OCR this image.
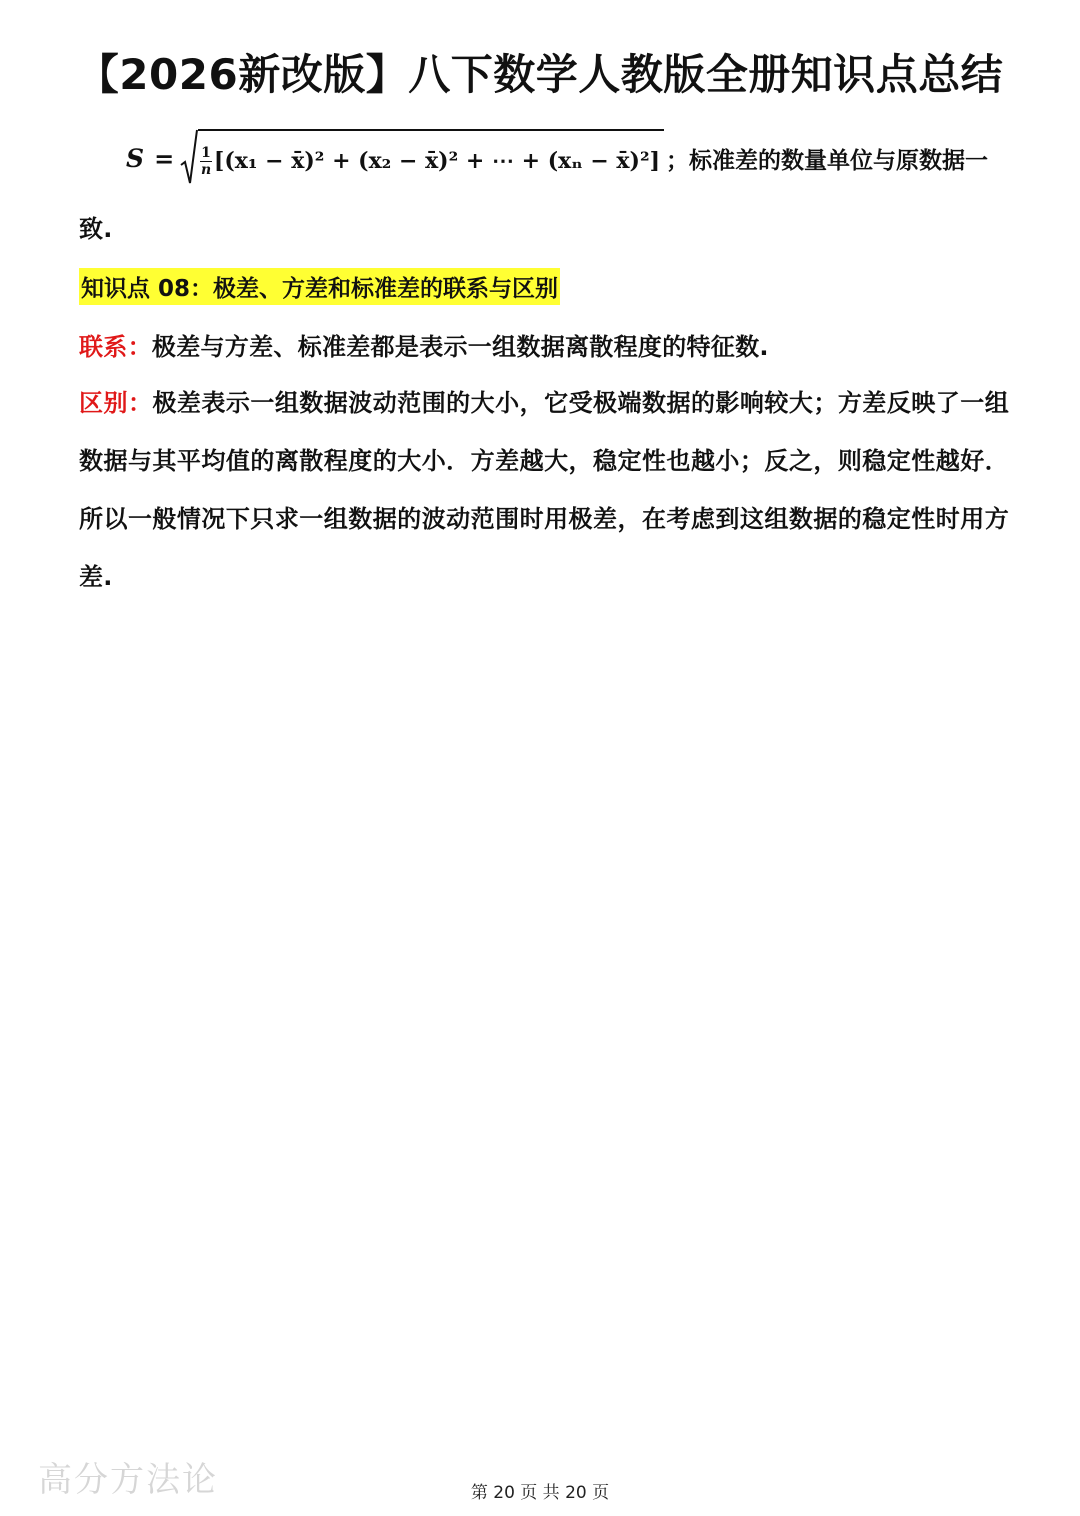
【2026新改版】八下数学人教版全册知识点总结
$S = \frac{1}{n} [(x_1$ − x̄)² + (x₂ − x̄)² + ⋯ + (xₙ − x̄)²] ；标准差的数量单位与原数据一
致.
知识点 08：极差、方差和标准差的联系与区别
联系：极差与方差、标准差都是表示一组数据离散程度的特征数.
区别：极差表示一组数据波动范围的大小，它受极端数据的影响较大；方差反映了一组数据与其平均值的离散程度的大小．方差越大，稳定性也越小；反之，则稳定性越好．所以一般情况下只求一组数据的波动范围时用极差，在考虑到这组数据的稳定性时用方差.
高分方法论	第 20 页 共 20 页
